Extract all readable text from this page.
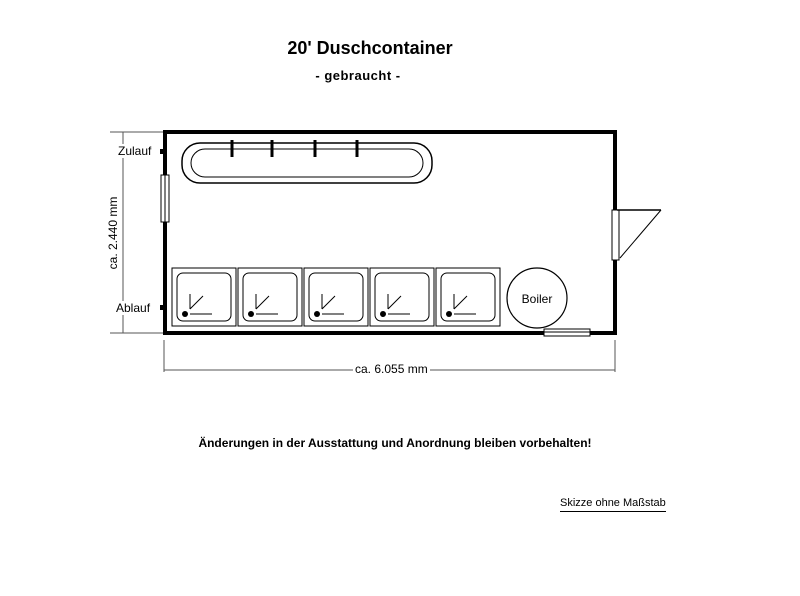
20' Duschcontainer
- gebraucht -
Boiler
ca. 2.440 mm
Zulauf
Ablauf
ca. 6.055 mm
Änderungen in der Ausstattung und Anordnung bleiben vorbehalten!
Skizze ohne Maßstab
